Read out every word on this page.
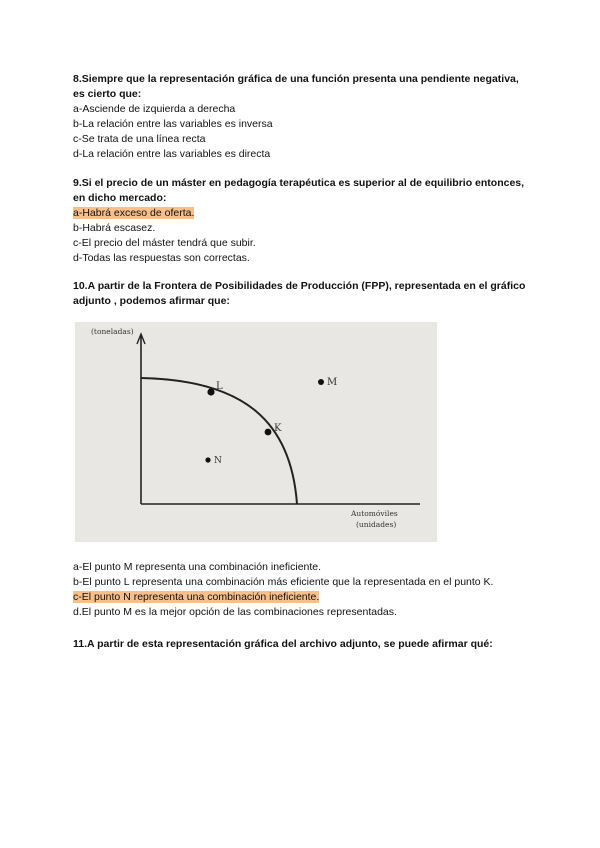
8.Siempre que la representación gráfica de una función presenta una pendiente negativa, es cierto que:
a-Asciende de izquierda a derecha
b-La relación entre las variables es inversa
c-Se trata de una línea recta
d-La relación entre las variables es directa
9.Si el precio de un máster en pedagogía terapéutica es superior al de equilibrio entonces, en dicho mercado:
a-Habrá exceso de oferta.
b-Habrá escasez.
c-El precio del máster tendrá que subir.
d-Todas las respuestas son correctas.
10.A partir de la Frontera de Posibilidades de Producción (FPP), representada en el gráfico adjunto , podemos afirmar que:
L	M
K
N
(toneladas)
Automóviles
(unidades)
a-El punto M representa una combinación ineficiente.
b-El punto L representa una combinación más eficiente que la representada en el punto K.
c-El punto N representa una combinación ineficiente.
d.El punto M es la mejor opción de las combinaciones representadas.
11.A partir de esta representación gráfica del archivo adjunto, se puede afirmar qué:
